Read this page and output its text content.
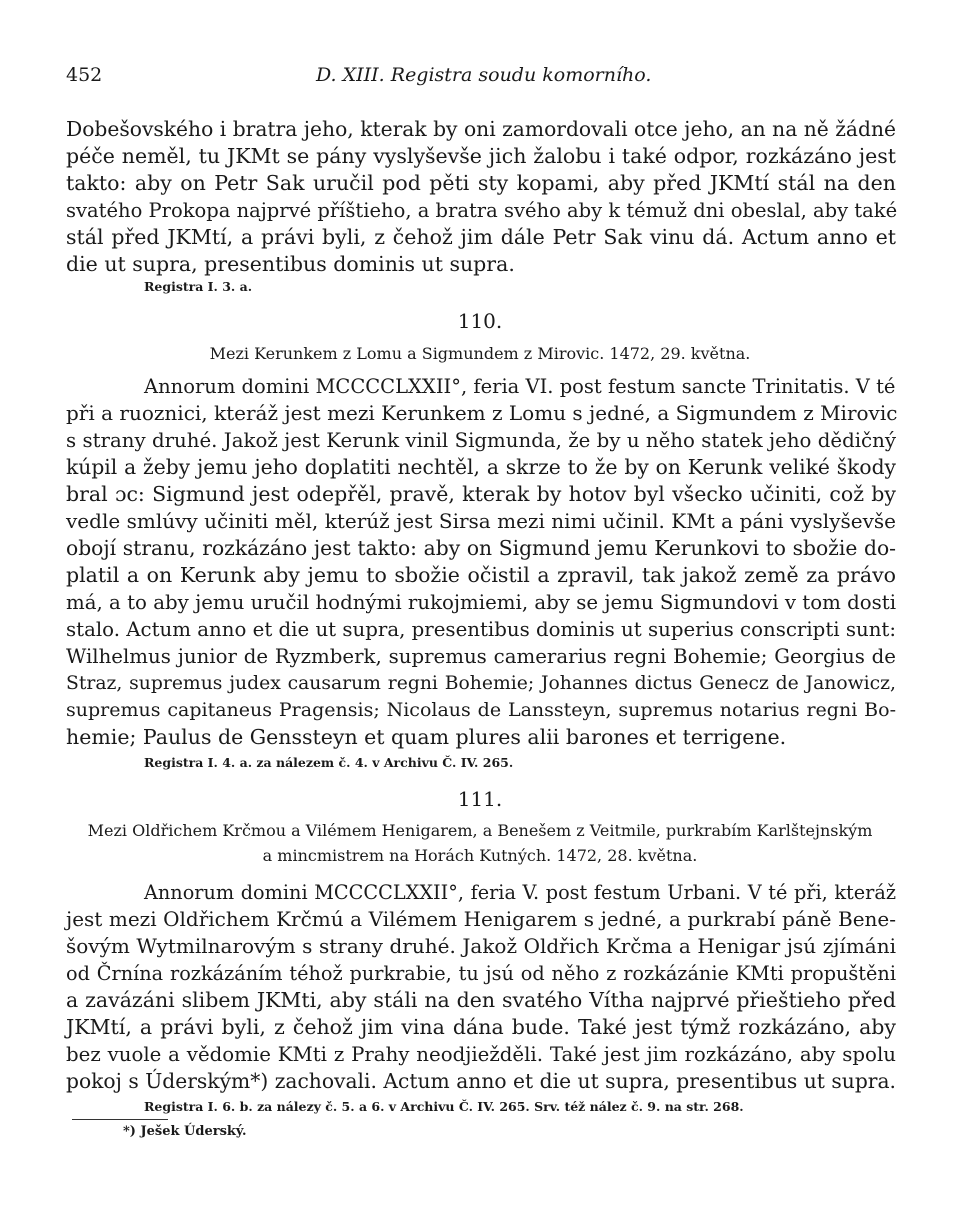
452	D. XIII. Registra soudu komorního.
Dobešovského i bratra jeho, kterak by oni zamordovali otce jeho, an na ně žádné
péče neměl, tu JKMt se pány vyslyševše jich žalobu i také odpor, rozkázáno jest
takto: aby on Petr Sak uručil pod pěti sty kopami, aby před JKMtí stál na den
svatého Prokopa najprvé příštieho, a bratra svého aby k témuž dni obeslal, aby také
stál před JKMtí, a právi byli, z čehož jim dále Petr Sak vinu dá. Actum anno et
die ut supra, presentibus dominis ut supra.
Registra I. 3. a.
110.
Mezi Kerunkem z Lomu a Sigmundem z Mirovic. 1472, 29. května.
Annorum domini MCCCCLXXII°, feria VI. post festum sancte Trinitatis. V té
při a ruoznici, kteráž jest mezi Kerunkem z Lomu s jedné, a Sigmundem z Mirovic
s strany druhé. Jakož jest Kerunk vinil Sigmunda, že by u něho statek jeho dědičný
kúpil a žeby jemu jeho doplatiti nechtěl, a skrze to že by on Kerunk veliké škody
bral ɔc: Sigmund jest odepřěl, pravě, kterak by hotov byl všecko učiniti, což by
vedle smlúvy učiniti měl, kterúž jest Sirsa mezi nimi učinil. KMt a páni vyslyševše
obojí stranu, rozkázáno jest takto: aby on Sigmund jemu Kerunkovi to sbožie do-
platil a on Kerunk aby jemu to sbožie očistil a zpravil, tak jakož země za právo
má, a to aby jemu uručil hodnými rukojmiemi, aby se jemu Sigmundovi v tom dosti
stalo. Actum anno et die ut supra, presentibus dominis ut superius conscripti sunt:
Wilhelmus junior de Ryzmberk, supremus camerarius regni Bohemie; Georgius de
Straz, supremus judex causarum regni Bohemie; Johannes dictus Genecz de Janowicz,
supremus capitaneus Pragensis; Nicolaus de Lanssteyn, supremus notarius regni Bo-
hemie; Paulus de Genssteyn et quam plures alii barones et terrigene.
Registra I. 4. a. za nálezem č. 4. v Archivu Č. IV. 265.
111.
Mezi Oldřichem Krčmou a Vilémem Henigarem, a Benešem z Veitmile, purkrabím Karlštejnským
a mincmistrem na Horách Kutných. 1472, 28. května.
Annorum domini MCCCCLXXII°, feria V. post festum Urbani. V té při, kteráž
jest mezi Oldřichem Krčmú a Vilémem Henigarem s jedné, a purkrabí páně Bene-
šovým Wytmilnarovým s strany druhé. Jakož Oldřich Krčma a Henigar jsú zjímáni
od Črnína rozkázáním téhož purkrabie, tu jsú od něho z rozkázánie KMti propuštěni
a zavázáni slibem JKMti, aby stáli na den svatého Vítha najprvé přieštieho před
JKMtí, a právi byli, z čehož jim vina dána bude. Také jest týmž rozkázáno, aby
bez vuole a vědomie KMti z Prahy neodjiežděli. Také jest jim rozkázáno, aby spolu
pokoj s Úderským*) zachovali. Actum anno et die ut supra, presentibus ut supra.
Registra I. 6. b. za nálezy č. 5. a 6. v Archivu Č. IV. 265. Srv. též nález č. 9. na str. 268.
*) Ješek Úderský.
